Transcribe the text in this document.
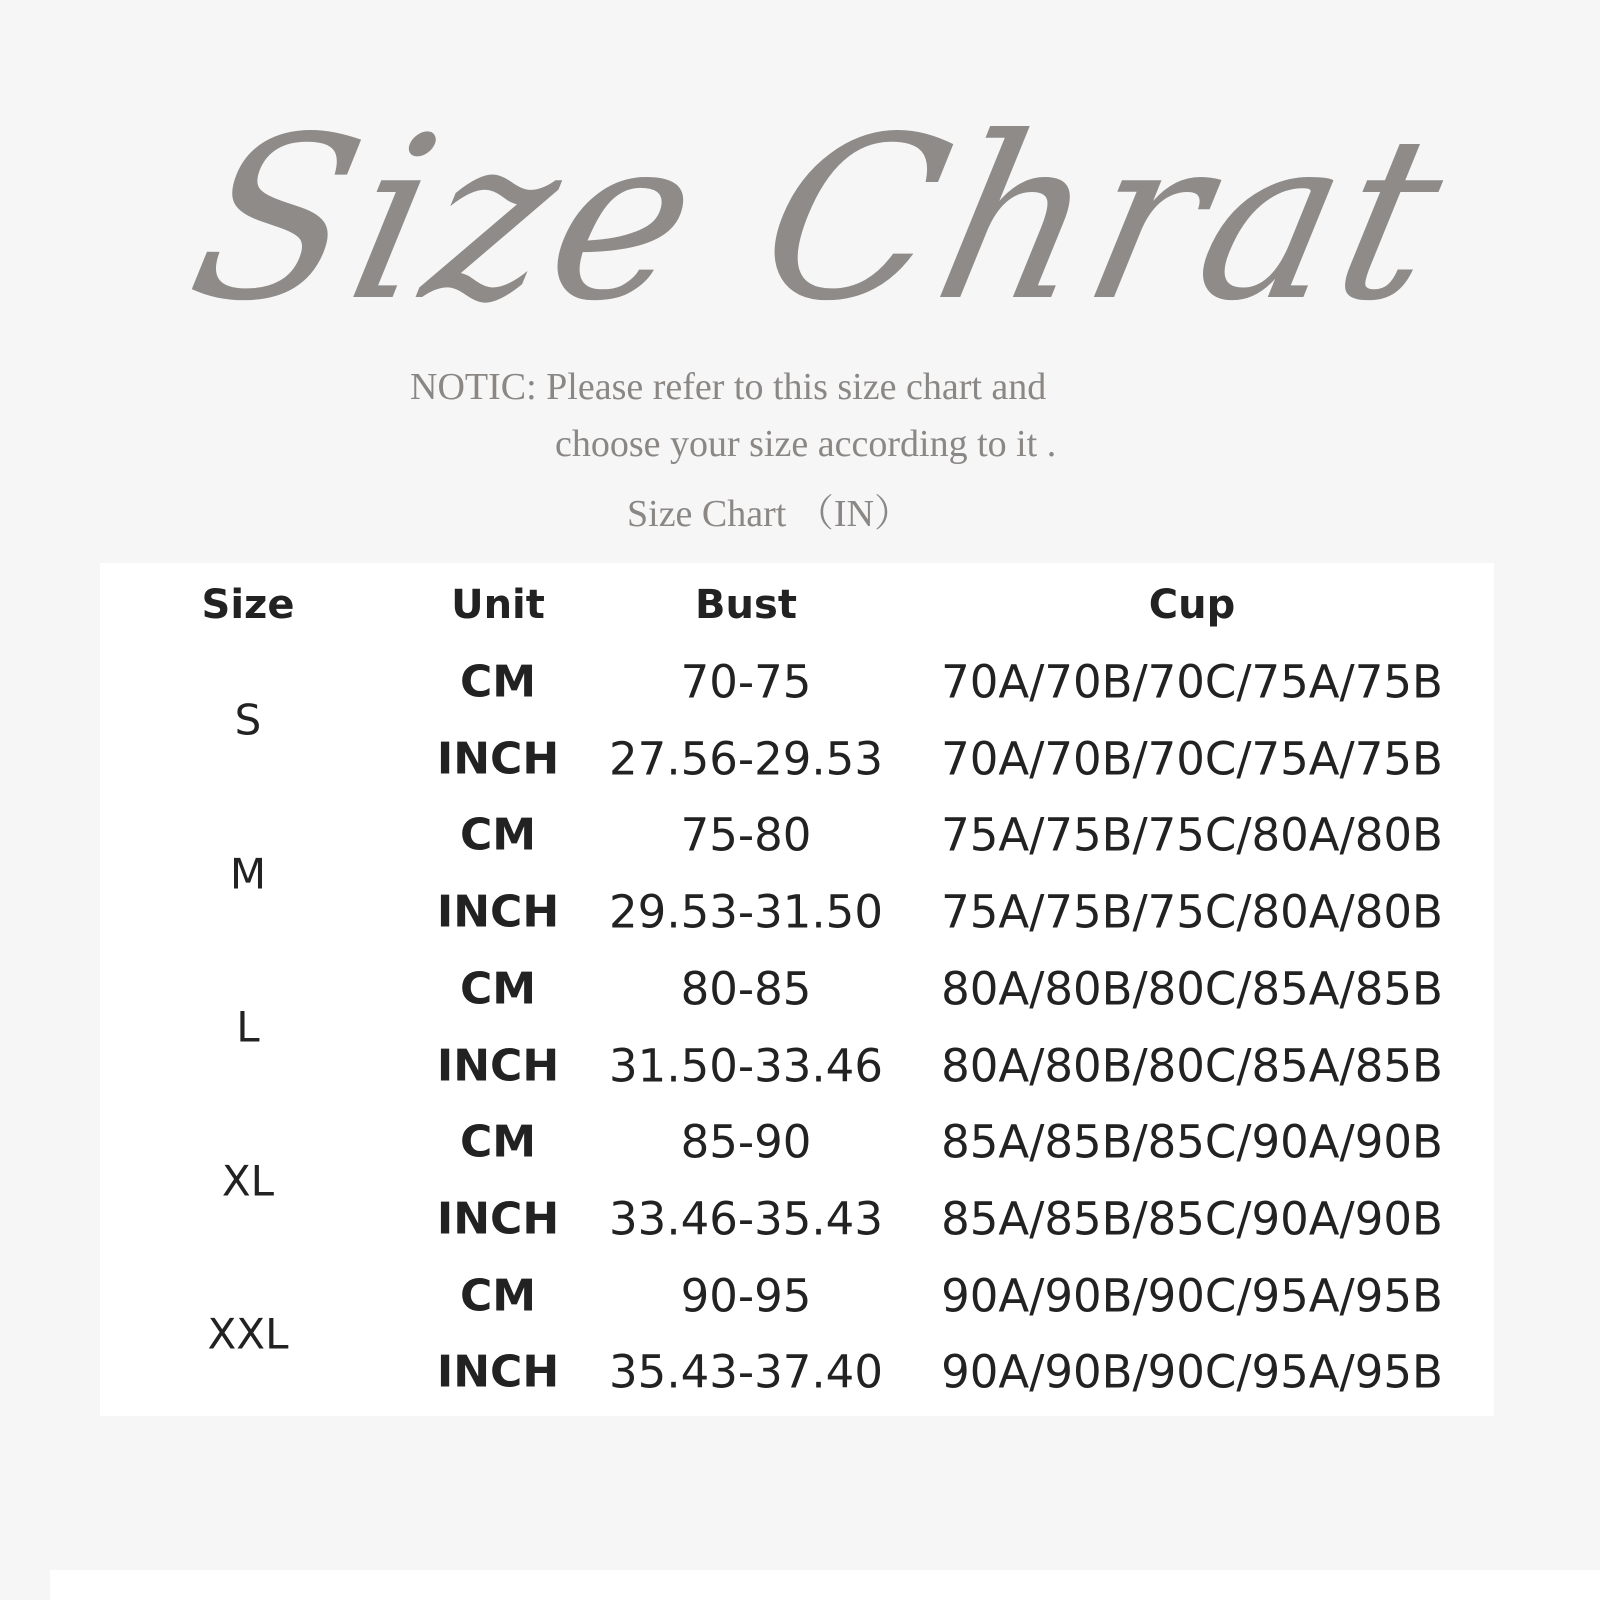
Size Chrat
NOTIC: Please refer to this size chart and
choose your size according to it .
Size Chart （IN）
Size	Unit	Bust	Cup
S
CM	70-75	70A/70B/70C/75A/75B
INCH 27.56-29.53 70A/70B/70C/75A/75B
M
CM	75-80	75A/75B/75C/80A/80B
INCH 29.53-31.50 75A/75B/75C/80A/80B
L
CM	80-85	80A/80B/80C/85A/85B
INCH 31.50-33.46 80A/80B/80C/85A/85B
XL
CM	85-90	85A/85B/85C/90A/90B
INCH 33.46-35.43 85A/85B/85C/90A/90B
XXL
CM	90-95	90A/90B/90C/95A/95B
INCH 35.43-37.40 90A/90B/90C/95A/95B
